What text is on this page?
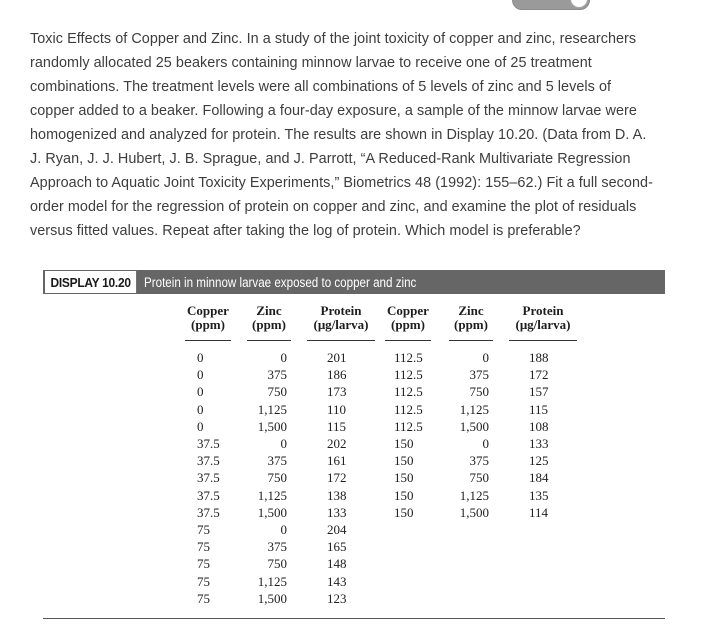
Toxic Effects of Copper and Zinc. In a study of the joint toxicity of copper and zinc, researchers
randomly allocated 25 beakers containing minnow larvae to receive one of 25 treatment
combinations. The treatment levels were all combinations of 5 levels of zinc and 5 levels of
copper added to a beaker. Following a four-day exposure, a sample of the minnow larvae were
homogenized and analyzed for protein. The results are shown in Display 10.20. (Data from D. A.
J. Ryan, J. J. Hubert, J. B. Sprague, and J. Parrott, “A Reduced-Rank Multivariate Regression
Approach to Aquatic Joint Toxicity Experiments,” Biometrics 48 (1992): 155–62.) Fit a full second-
order model for the regression of protein on copper and zinc, and examine the plot of residuals
versus fitted values. Repeat after taking the log of protein. Which model is preferable?
DISPLAY 10.20 Protein in minnow larvae exposed to copper and zinc
Copper
(ppm)
Zinc
(ppm)
Protein
(μg/larva)
Copper
(ppm)
Zinc
(ppm)
Protein
(μg/larva)
0
0
0
0
0
37.5
37.5
37.5
37.5
37.5
75
75
75
75
75
0
375
750
1,125
1,500
0
375
750
1,125
1,500
0
375
750
1,125
1,500
201
186
173
110
115
202
161
172
138
133
204
165
148
143
123
112.5
112.5
112.5
112.5
112.5
150
150
150
150
150
0
375
750
1,125
1,500
0
375
750
1,125
1,500
188
172
157
115
108
133
125
184
135
114
